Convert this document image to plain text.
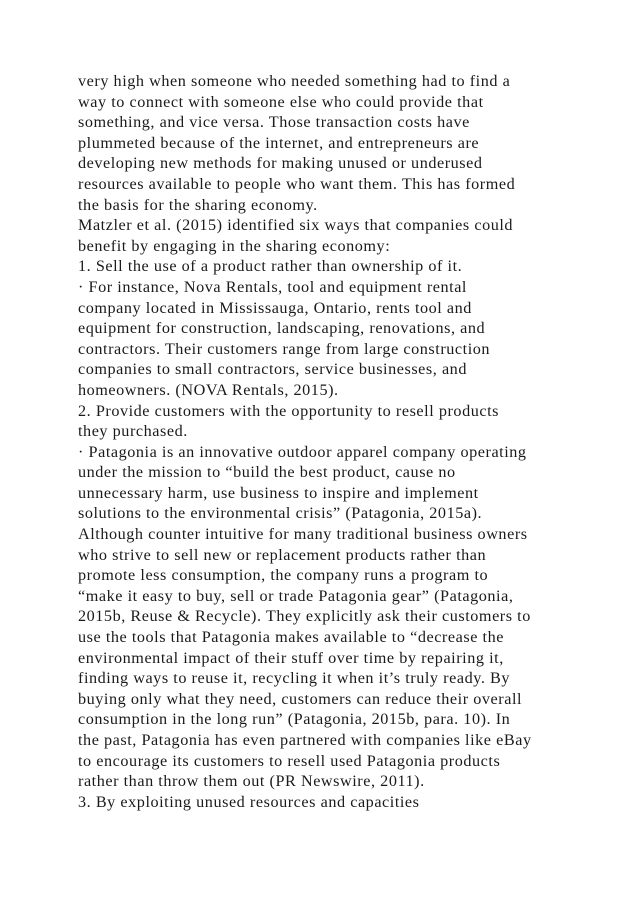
very high when someone who needed something had to find a
way to connect with someone else who could provide that
something, and vice versa. Those transaction costs have
plummeted because of the internet, and entrepreneurs are
developing new methods for making unused or underused
resources available to people who want them. This has formed
the basis for the sharing economy.
Matzler et al. (2015) identified six ways that companies could
benefit by engaging in the sharing economy:
1. Sell the use of a product rather than ownership of it.
· For instance, Nova Rentals, tool and equipment rental
company located in Mississauga, Ontario, rents tool and
equipment for construction, landscaping, renovations, and
contractors. Their customers range from large construction
companies to small contractors, service businesses, and
homeowners. (NOVA Rentals, 2015).
2. Provide customers with the opportunity to resell products
they purchased.
· Patagonia is an innovative outdoor apparel company operating
under the mission to “build the best product, cause no
unnecessary harm, use business to inspire and implement
solutions to the environmental crisis” (Patagonia, 2015a).
Although counter intuitive for many traditional business owners
who strive to sell new or replacement products rather than
promote less consumption, the company runs a program to
“make it easy to buy, sell or trade Patagonia gear” (Patagonia,
2015b, Reuse & Recycle). They explicitly ask their customers to
use the tools that Patagonia makes available to “decrease the
environmental impact of their stuff over time by repairing it,
finding ways to reuse it, recycling it when it’s truly ready. By
buying only what they need, customers can reduce their overall
consumption in the long run” (Patagonia, 2015b, para. 10). In
the past, Patagonia has even partnered with companies like eBay
to encourage its customers to resell used Patagonia products
rather than throw them out (PR Newswire, 2011).
3. By exploiting unused resources and capacities
